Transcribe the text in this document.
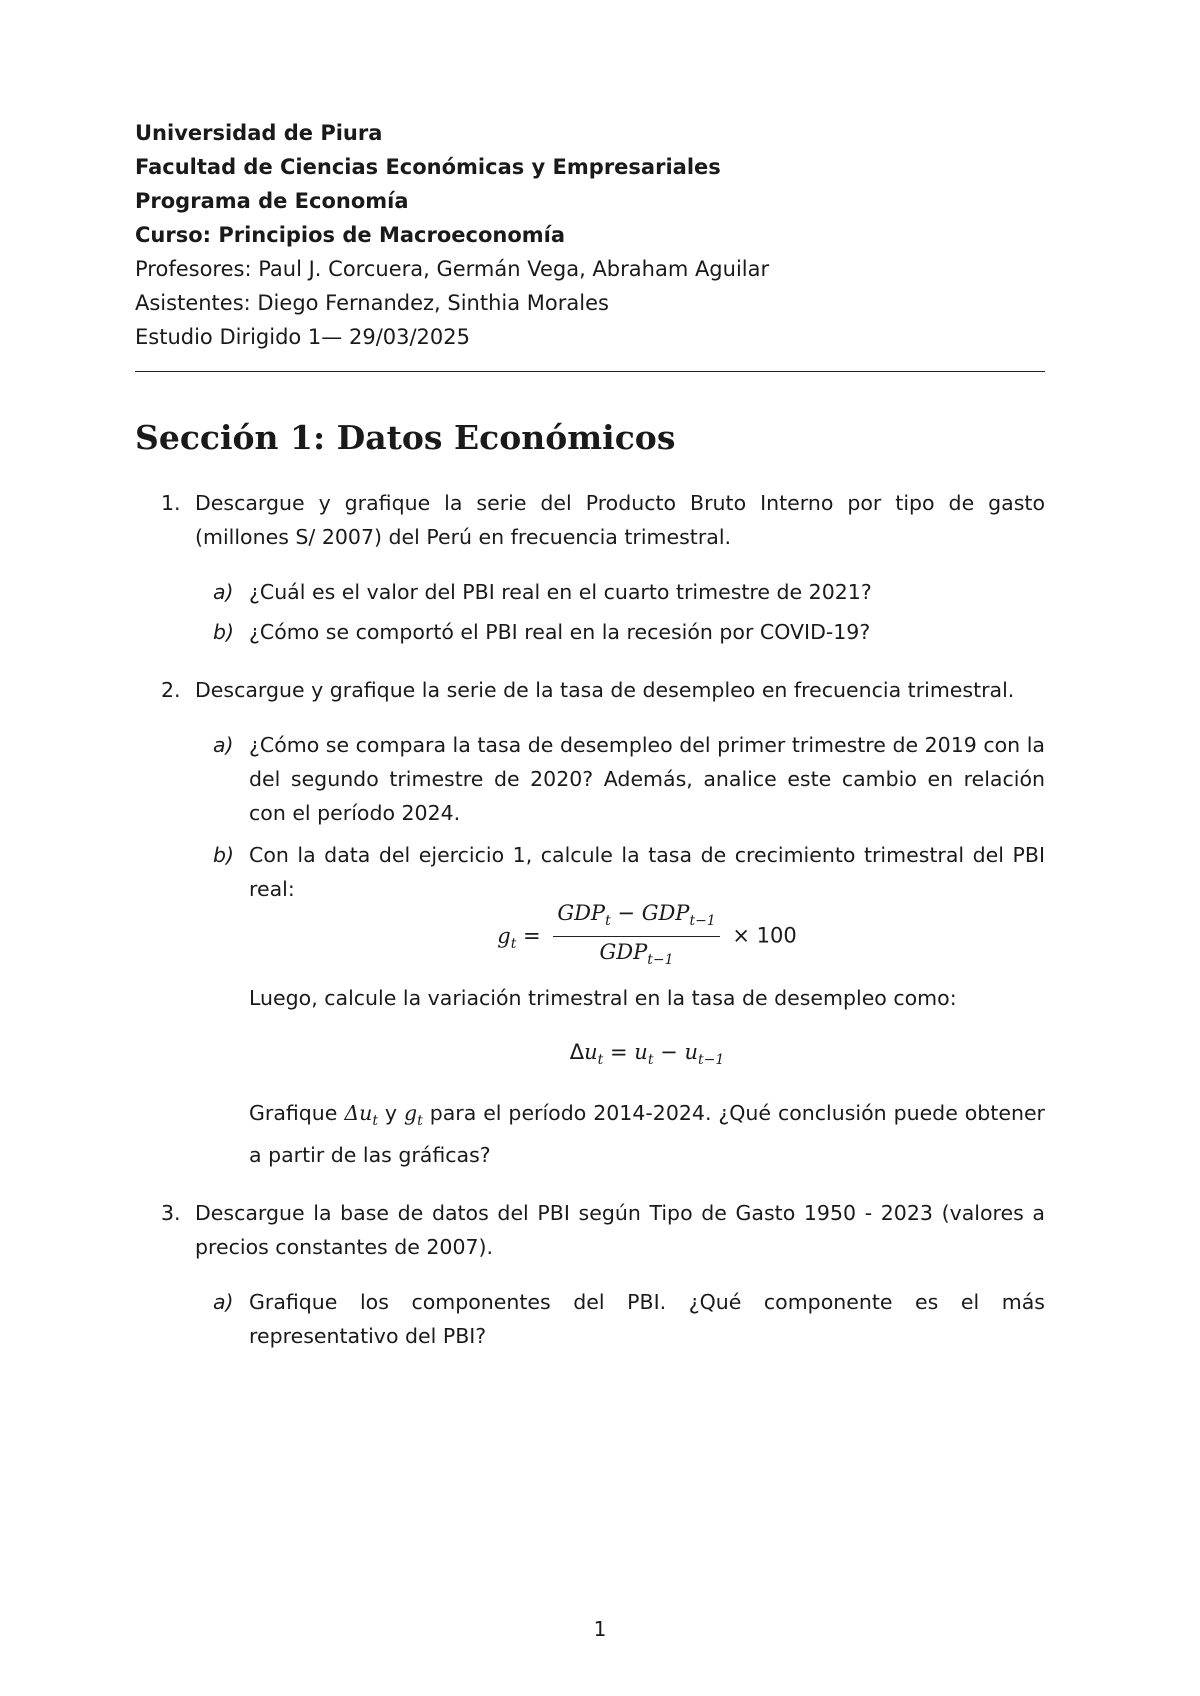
Universidad de Piura
Facultad de Ciencias Económicas y Empresariales
Programa de Economía
Curso: Principios de Macroeconomía
Profesores: Paul J. Corcuera, Germán Vega, Abraham Aguilar
Asistentes: Diego Fernandez, Sinthia Morales
Estudio Dirigido 1— 29/03/2025
Sección 1: Datos Económicos
1. Descargue y grafique la serie del Producto Bruto Interno por tipo de gasto (millones S/ 2007) del Perú en frecuencia trimestral.
a) ¿Cuál es el valor del PBI real en el cuarto trimestre de 2021?
b) ¿Cómo se comportó el PBI real en la recesión por COVID-19?
2. Descargue y grafique la serie de la tasa de desempleo en frecuencia trimestral.
a) ¿Cómo se compara la tasa de desempleo del primer trimestre de 2019 con la del segundo trimestre de 2020? Además, analice este cambio en relación con el período 2024.
b) Con la data del ejercicio 1, calcule la tasa de crecimiento trimestral del PBI real:
$g_t = \frac{GDP_t - GDP_{t-1}}{GDP_{t-1}} \times 100$
Luego, calcule la variación trimestral en la tasa de desempleo como:
$\Delta u_t = u_t - u_{t-1}$
Grafique $\Delta u_t$ y $g_t$ para el período 2014-2024. ¿Qué conclusión puede obtener a partir de las gráficas?
3. Descargue la base de datos del PBI según Tipo de Gasto 1950 - 2023 (valores a precios constantes de 2007).
a) Grafique los componentes del PBI. ¿Qué componente es el más representativo del PBI?
1
